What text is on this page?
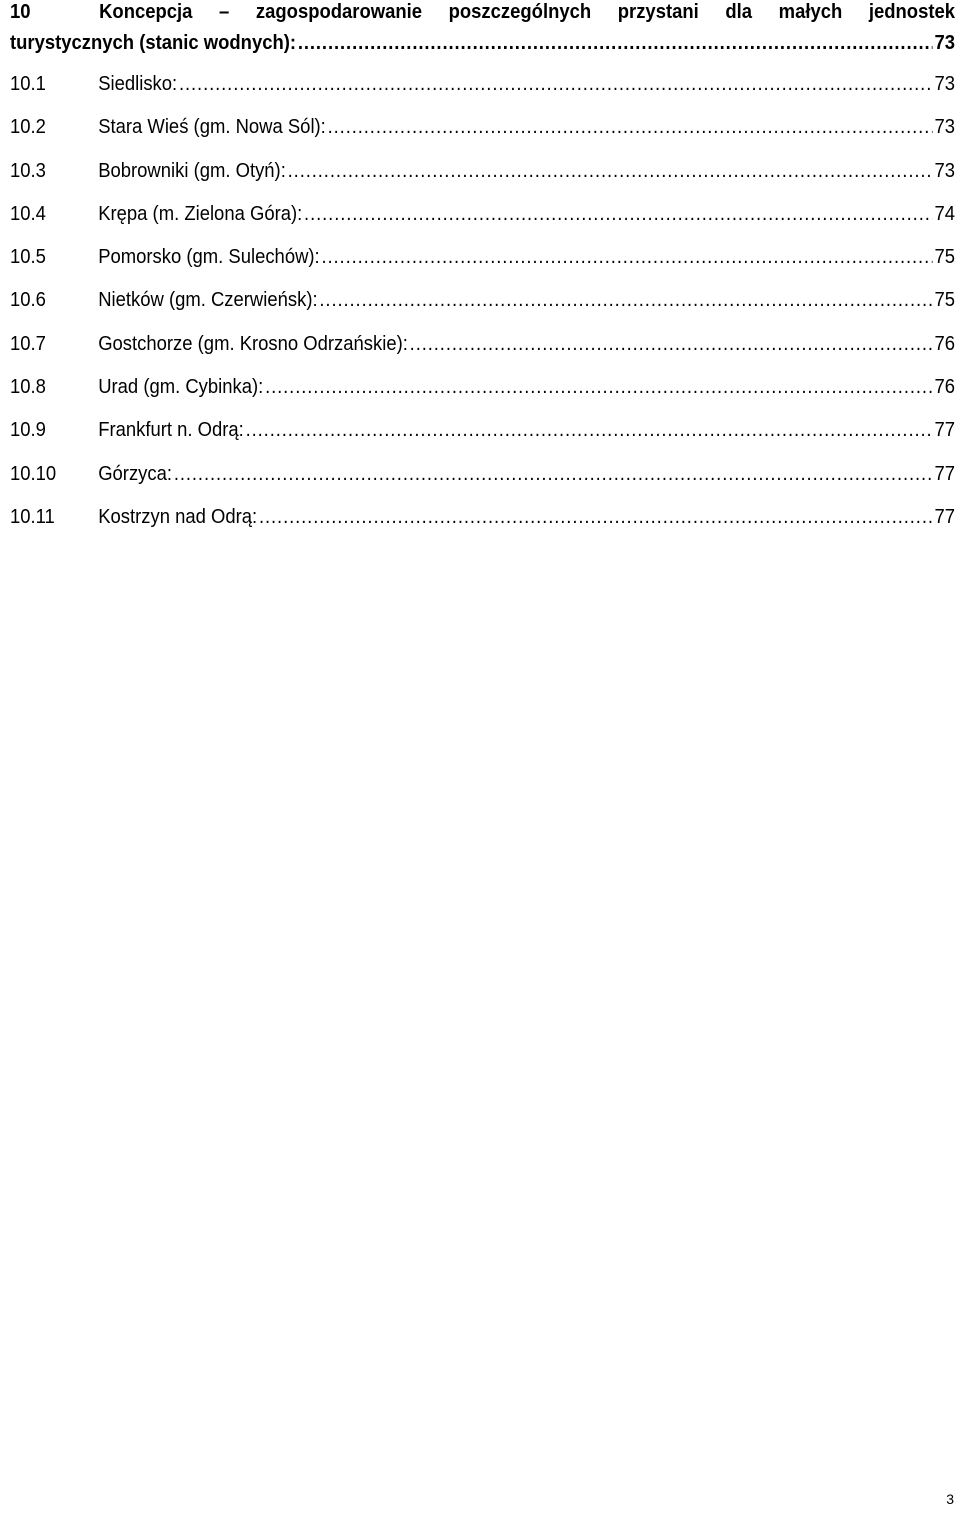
10	Koncepcja – zagospodarowanie poszczególnych przystani dla małych jednostek
turystycznych (stanic wodnych): .....	73
10.1	Siedlisko: .....	73
10.2	Stara Wieś (gm. Nowa Sól): .....	73
10.3	Bobrowniki (gm. Otyń): .....	73
10.4	Krępa (m. Zielona Góra): .....	74
10.5	Pomorsko (gm. Sulechów): .....	75
10.6	Nietków (gm. Czerwieńsk): .....	75
10.7	Gostchorze (gm. Krosno Odrzańskie): .....	76
10.8	Urad (gm. Cybinka): .....	76
10.9	Frankfurt n. Odrą: .....	77
10.10	Górzyca: .....	77
10.11	Kostrzyn nad Odrą: .....	77
3
